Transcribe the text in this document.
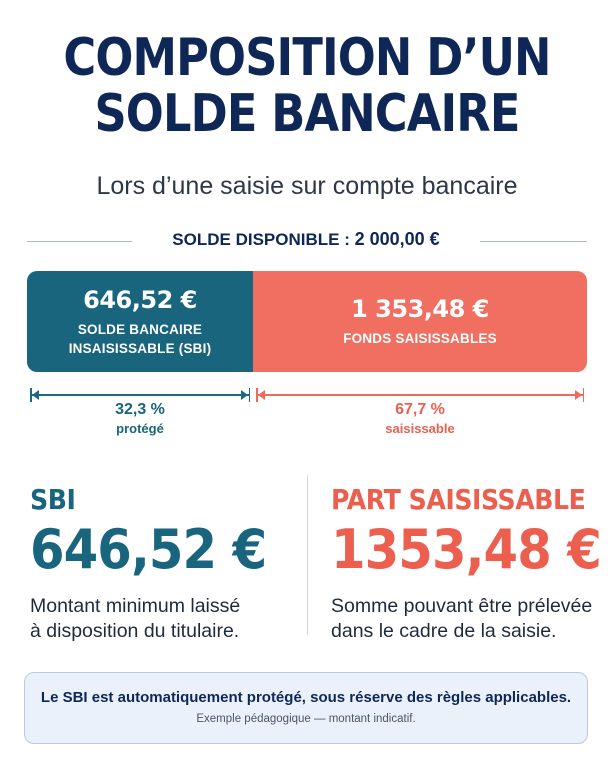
COMPOSITION D’UN
SOLDE BANCAIRE
Lors d’une saisie sur compte bancaire
SOLDE DISPONIBLE : 2 000,00 €
646,52 €
SOLDE BANCAIRE
INSAISISSABLE (SBI)
1 353,48 €
FONDS SAISISSABLES
32,3 %
protégé
67,7 %
saisissable
SBI
646,52 €
Montant minimum laissé
à disposition du titulaire.
PART SAISISSABLE
1353,48 €
Somme pouvant être prélevée
dans le cadre de la saisie.
Le SBI est automatiquement protégé, sous réserve des règles applicables.
Exemple pédagogique — montant indicatif.
